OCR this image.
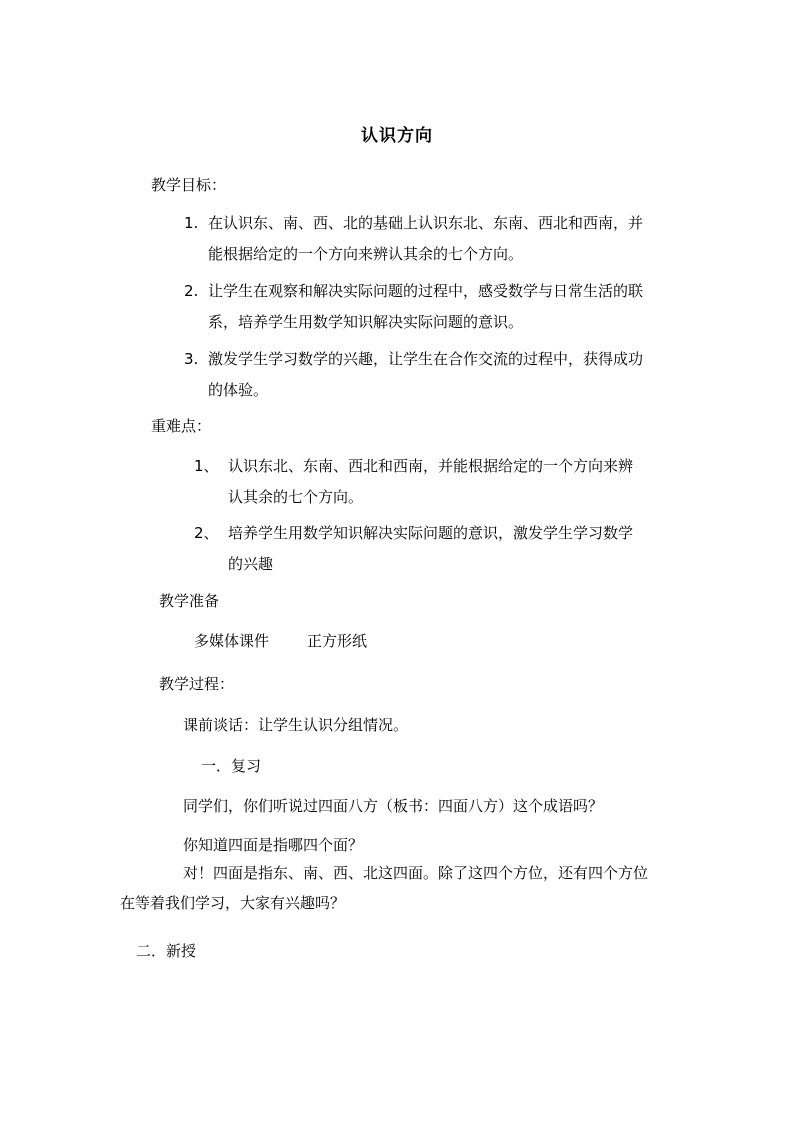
认识方向
教学目标：
1. 在认识东、南、西、北的基础上认识东北、东南、西北和西南，并
能根据给定的一个方向来辨认其余的七个方向。
2. 让学生在观察和解决实际问题的过程中，感受数学与日常生活的联
系，培养学生用数学知识解决实际问题的意识。
3. 激发学生学习数学的兴趣，让学生在合作交流的过程中，获得成功
的体验。
重难点：
1、 认识东北、东南、西北和西南，并能根据给定的一个方向来辨
认其余的七个方向。
2、 培养学生用数学知识解决实际问题的意识，激发学生学习数学
的兴趣
教学准备
多媒体课件	正方形纸
教学过程：
课前谈话：让学生认识分组情况。
一．复习
同学们，你们听说过四面八方（板书：四面八方）这个成语吗？
你知道四面是指哪四个面？
对！四面是指东、南、西、北这四面。除了这四个方位，还有四个方位
在等着我们学习，大家有兴趣吗？
二．新授
